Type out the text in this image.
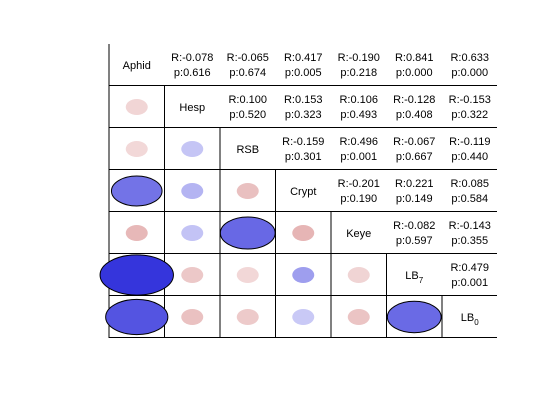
Aphid
Hesp
RSB
Crypt
Keye
$LB_7$
$LB_0$
R:-0.078
p:0.616
R:-0.065
p:0.674
R:0.417
p:0.005
R:-0.190
p:0.218
R:0.841
p:0.000
R:0.633
p:0.000
R:0.100
p:0.520
R:0.153
p:0.323
R:0.106
p:0.493
R:-0.128
p:0.408
R:-0.153
p:0.322
R:-0.159
p:0.301
R:0.496
p:0.001
R:-0.067
p:0.667
R:-0.119
p:0.440
R:-0.201
p:0.190
R:0.221
p:0.149
R:0.085
p:0.584
R:-0.082
p:0.597
R:-0.143
p:0.355
R:0.479
p:0.001
